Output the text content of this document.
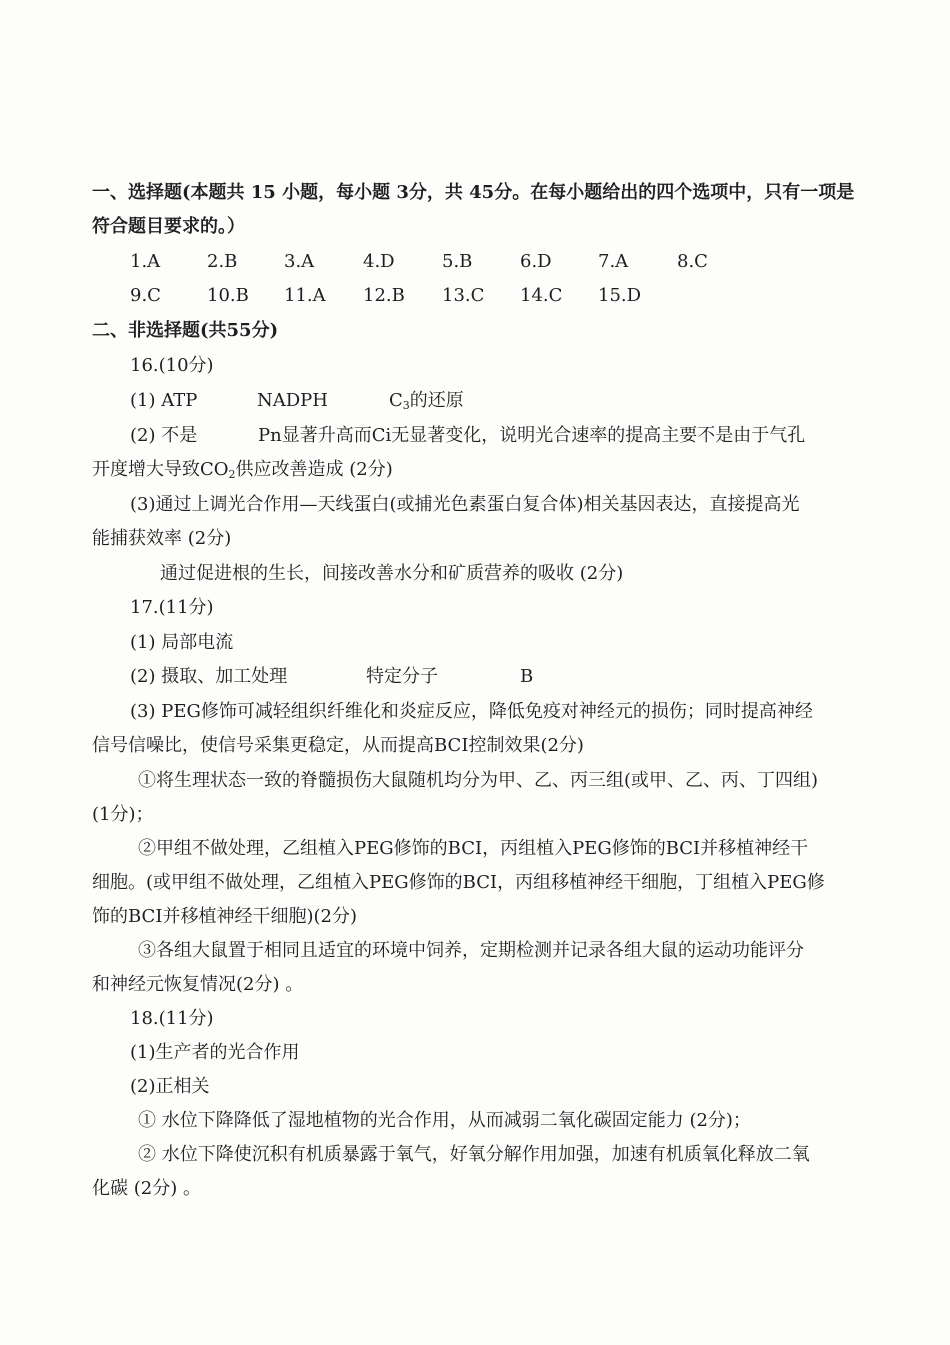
一、选择题(本题共 15 小题，每小题 3分，共 45分。在每小题给出的四个选项中，只有一项是
符合题目要求的。）
1.A	2.B	3.A	4.D	5.B	6.D	7.A	8.C
9.C	10.B 11.A 12.B 13.C 14.C 15.D
二、非选择题(共55分)
16.(10分)
(1) ATP	NADPH	$C_3$的还原
(2) 不是	Pn显著升高而Ci无显著变化，说明光合速率的提高主要不是由于气孔
开度增大导致$CO_2$供应改善造成 (2分)
(3)通过上调光合作用—天线蛋白(或捕光色素蛋白复合体)相关基因表达，直接提高光
能捕获效率 (2分)
通过促进根的生长，间接改善水分和矿质营养的吸收 (2分)
17.(11分)
(1) 局部电流
(2) 摄取、加工处理	特定分子	B
(3) PEG修饰可减轻组织纤维化和炎症反应，降低免疫对神经元的损伤；同时提高神经
信号信噪比，使信号采集更稳定，从而提高BCI控制效果(2分)
①将生理状态一致的脊髓损伤大鼠随机均分为甲、乙、丙三组(或甲、乙、丙、丁四组)
(1分)；
②甲组不做处理，乙组植入PEG修饰的BCI，丙组植入PEG修饰的BCI并移植神经干
细胞。(或甲组不做处理，乙组植入PEG修饰的BCI，丙组移植神经干细胞，丁组植入PEG修
饰的BCI并移植神经干细胞)(2分)
③各组大鼠置于相同且适宜的环境中饲养，定期检测并记录各组大鼠的运动功能评分
和神经元恢复情况(2分) 。
18.(11分)
(1)生产者的光合作用
(2)正相关
① 水位下降降低了湿地植物的光合作用，从而减弱二氧化碳固定能力 (2分)；
② 水位下降使沉积有机质暴露于氧气，好氧分解作用加强，加速有机质氧化释放二氧
化碳 (2分) 。
